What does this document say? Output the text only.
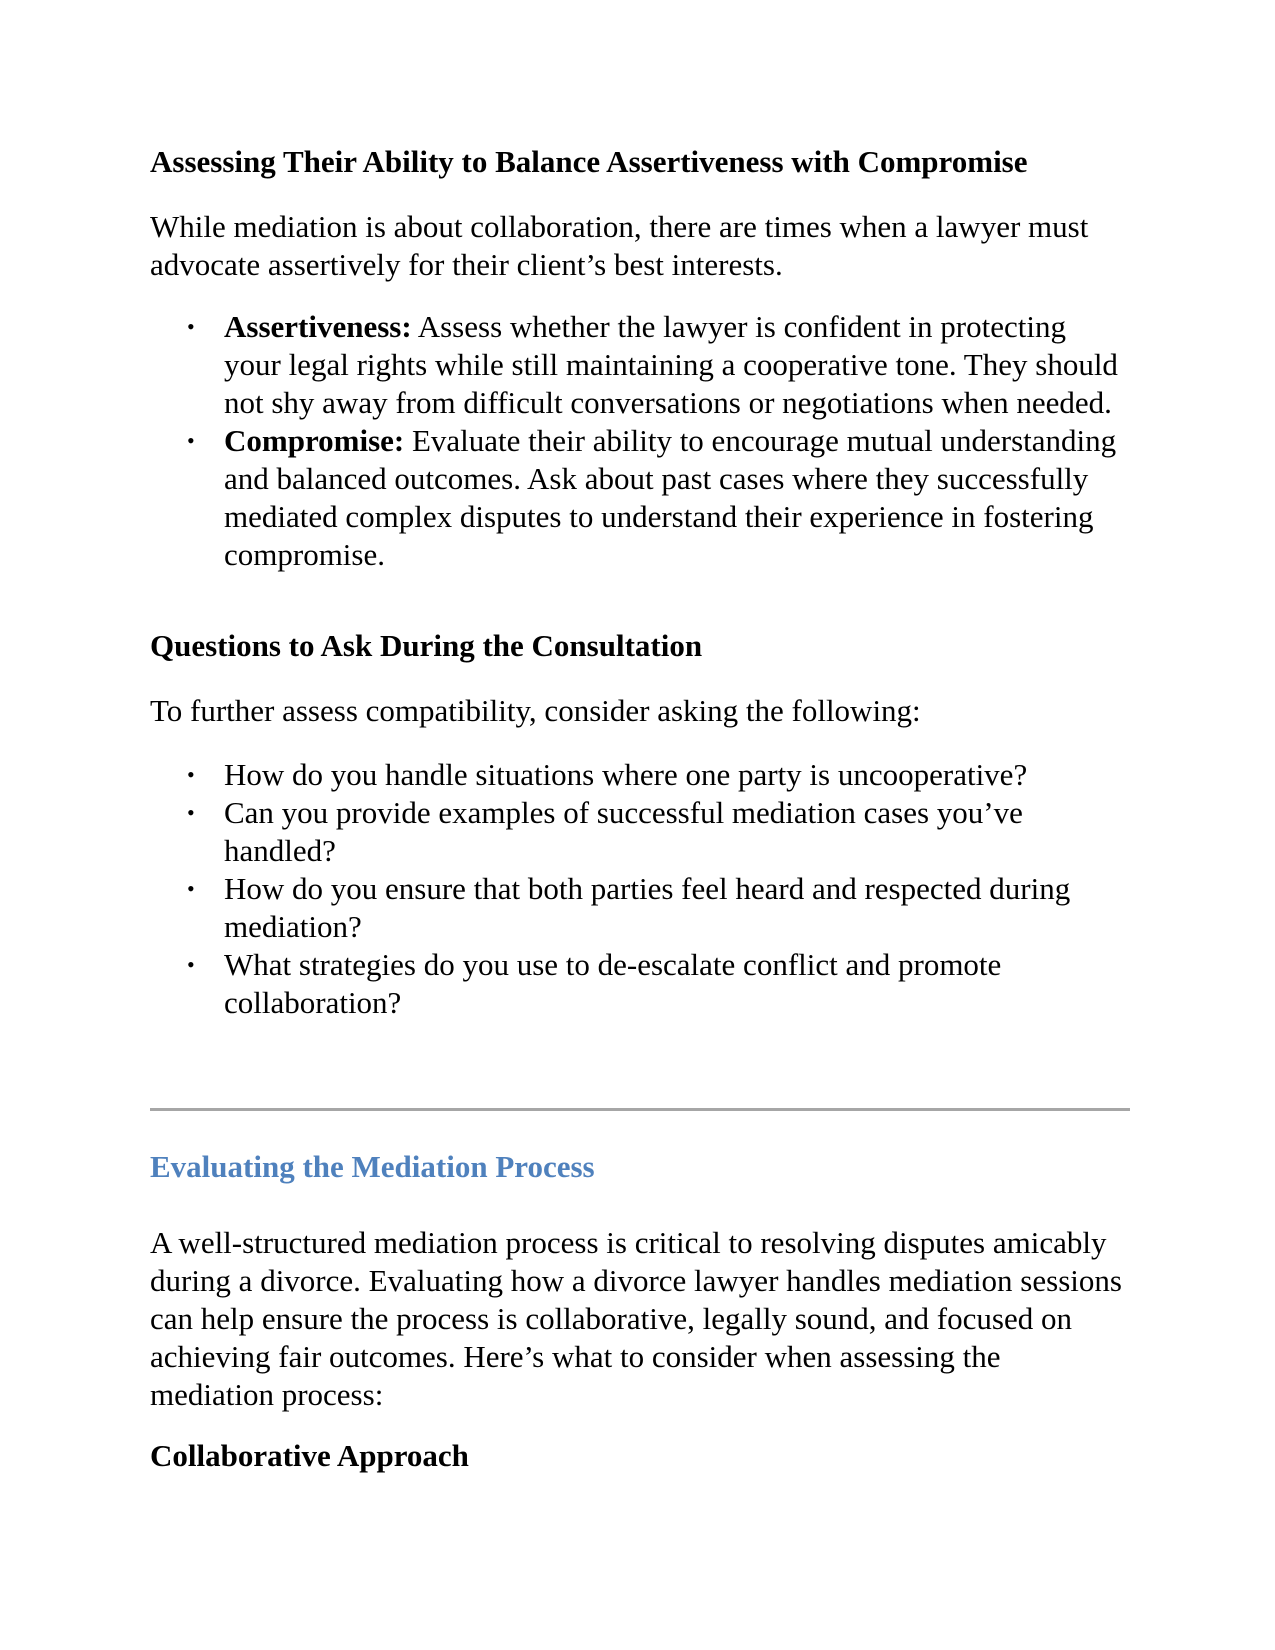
Assessing Their Ability to Balance Assertiveness with Compromise

While mediation is about collaboration, there are times when a lawyer must advocate assertively for their client’s best interests.

• Assertiveness: Assess whether the lawyer is confident in protecting your legal rights while still maintaining a cooperative tone. They should not shy away from difficult conversations or negotiations when needed.
• Compromise: Evaluate their ability to encourage mutual understanding and balanced outcomes. Ask about past cases where they successfully mediated complex disputes to understand their experience in fostering compromise.
Questions to Ask During the Consultation

To further assess compatibility, consider asking the following:

• How do you handle situations where one party is uncooperative?
• Can you provide examples of successful mediation cases you’ve handled?
• How do you ensure that both parties feel heard and respected during mediation?
• What strategies do you use to de-escalate conflict and promote collaboration?
Evaluating the Mediation Process

A well-structured mediation process is critical to resolving disputes amicably during a divorce. Evaluating how a divorce lawyer handles mediation sessions can help ensure the process is collaborative, legally sound, and focused on achieving fair outcomes. Here’s what to consider when assessing the mediation process:

Collaborative Approach
